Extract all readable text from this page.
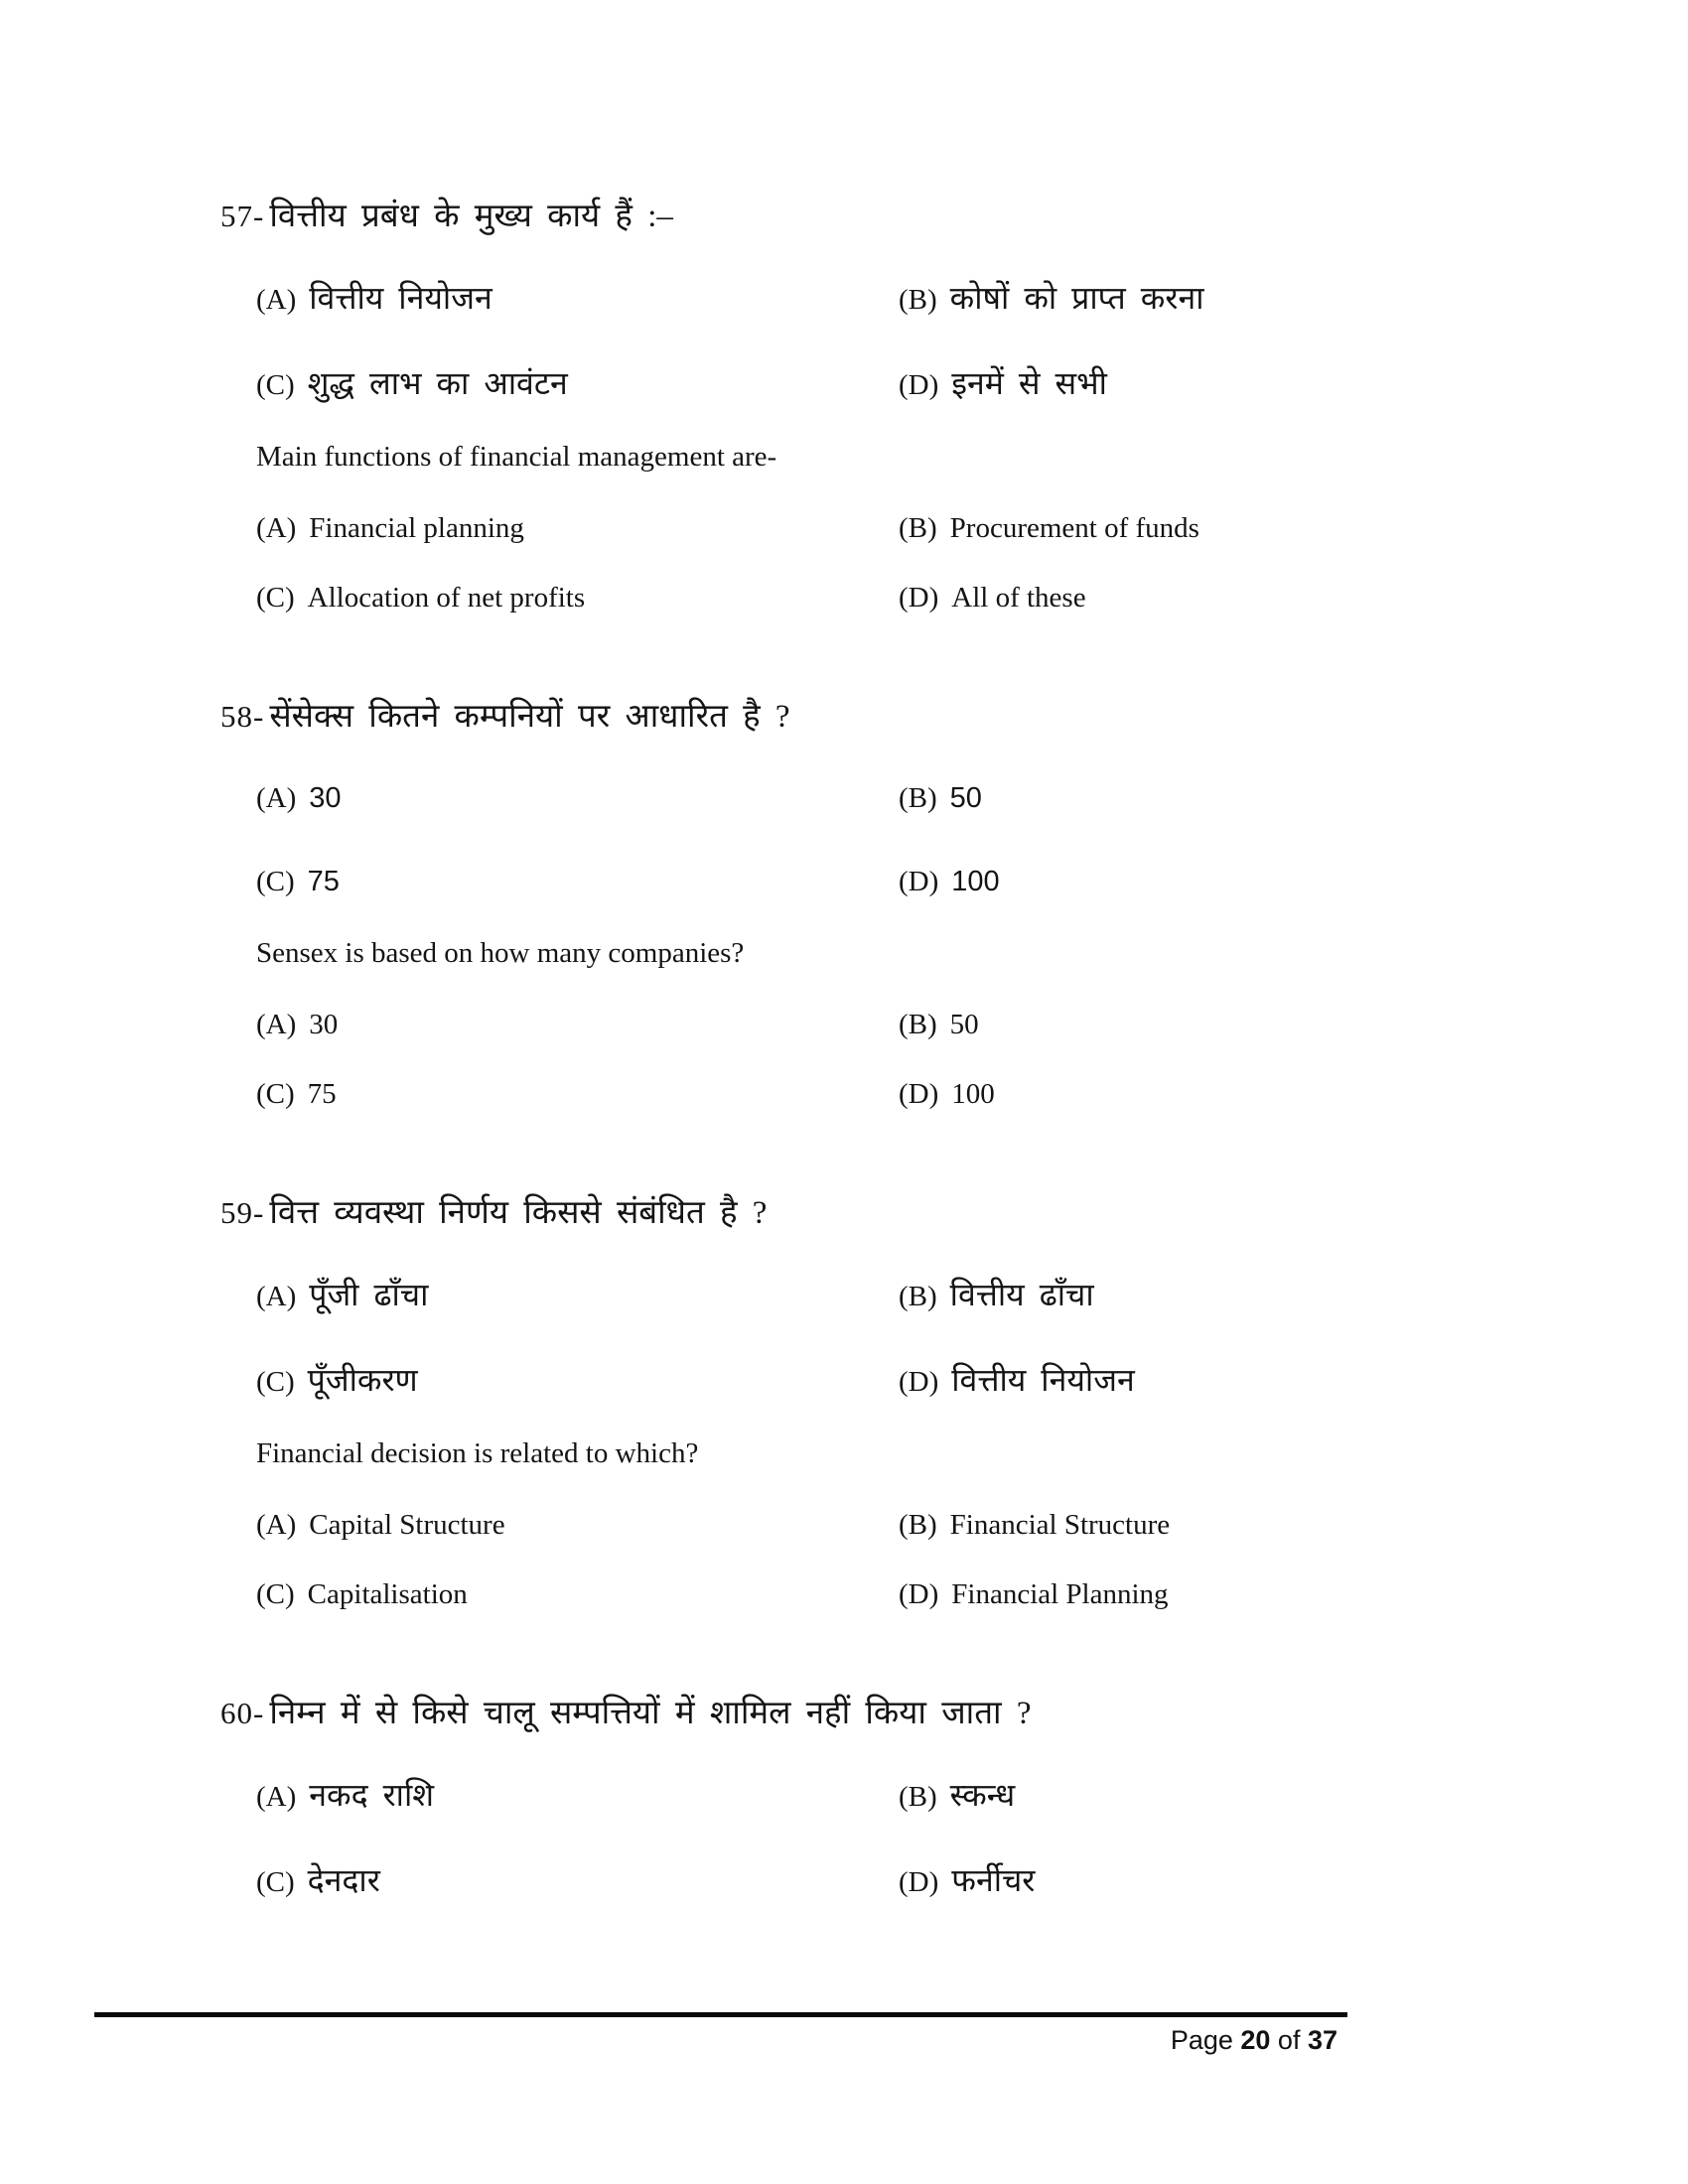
57- वित्तीय प्रबंध के मुख्य कार्य हैं :–

(A) वित्तीय नियोजन	(B) कोषों को प्राप्त करना
(C) शुद्ध लाभ का आवंटन	(D) इनमें से सभी

Main functions of financial management are-

(A) Financial planning	(B) Procurement of funds
(C) Allocation of net profits	(D) All of these

58- सेंसेक्स कितने कम्पनियों पर आधारित है ?

(A) 30	(B) 50
(C) 75	(D) 100

Sensex is based on how many companies?

(A) 30	(B) 50
(C) 75	(D) 100

59- वित्त व्यवस्था निर्णय किससे संबंधित है ?

(A) पूँजी ढाँचा	(B) वित्तीय ढाँचा
(C) पूँजीकरण	(D) वित्तीय नियोजन

Financial decision is related to which?

(A) Capital Structure	(B) Financial Structure
(C) Capitalisation	(D) Financial Planning

60- निम्न में से किसे चालू सम्पत्तियों में शामिल नहीं किया जाता ?

(A) नकद राशि	(B) स्कन्ध
(C) देनदार	(D) फर्नीचर
Page 20 of 37
